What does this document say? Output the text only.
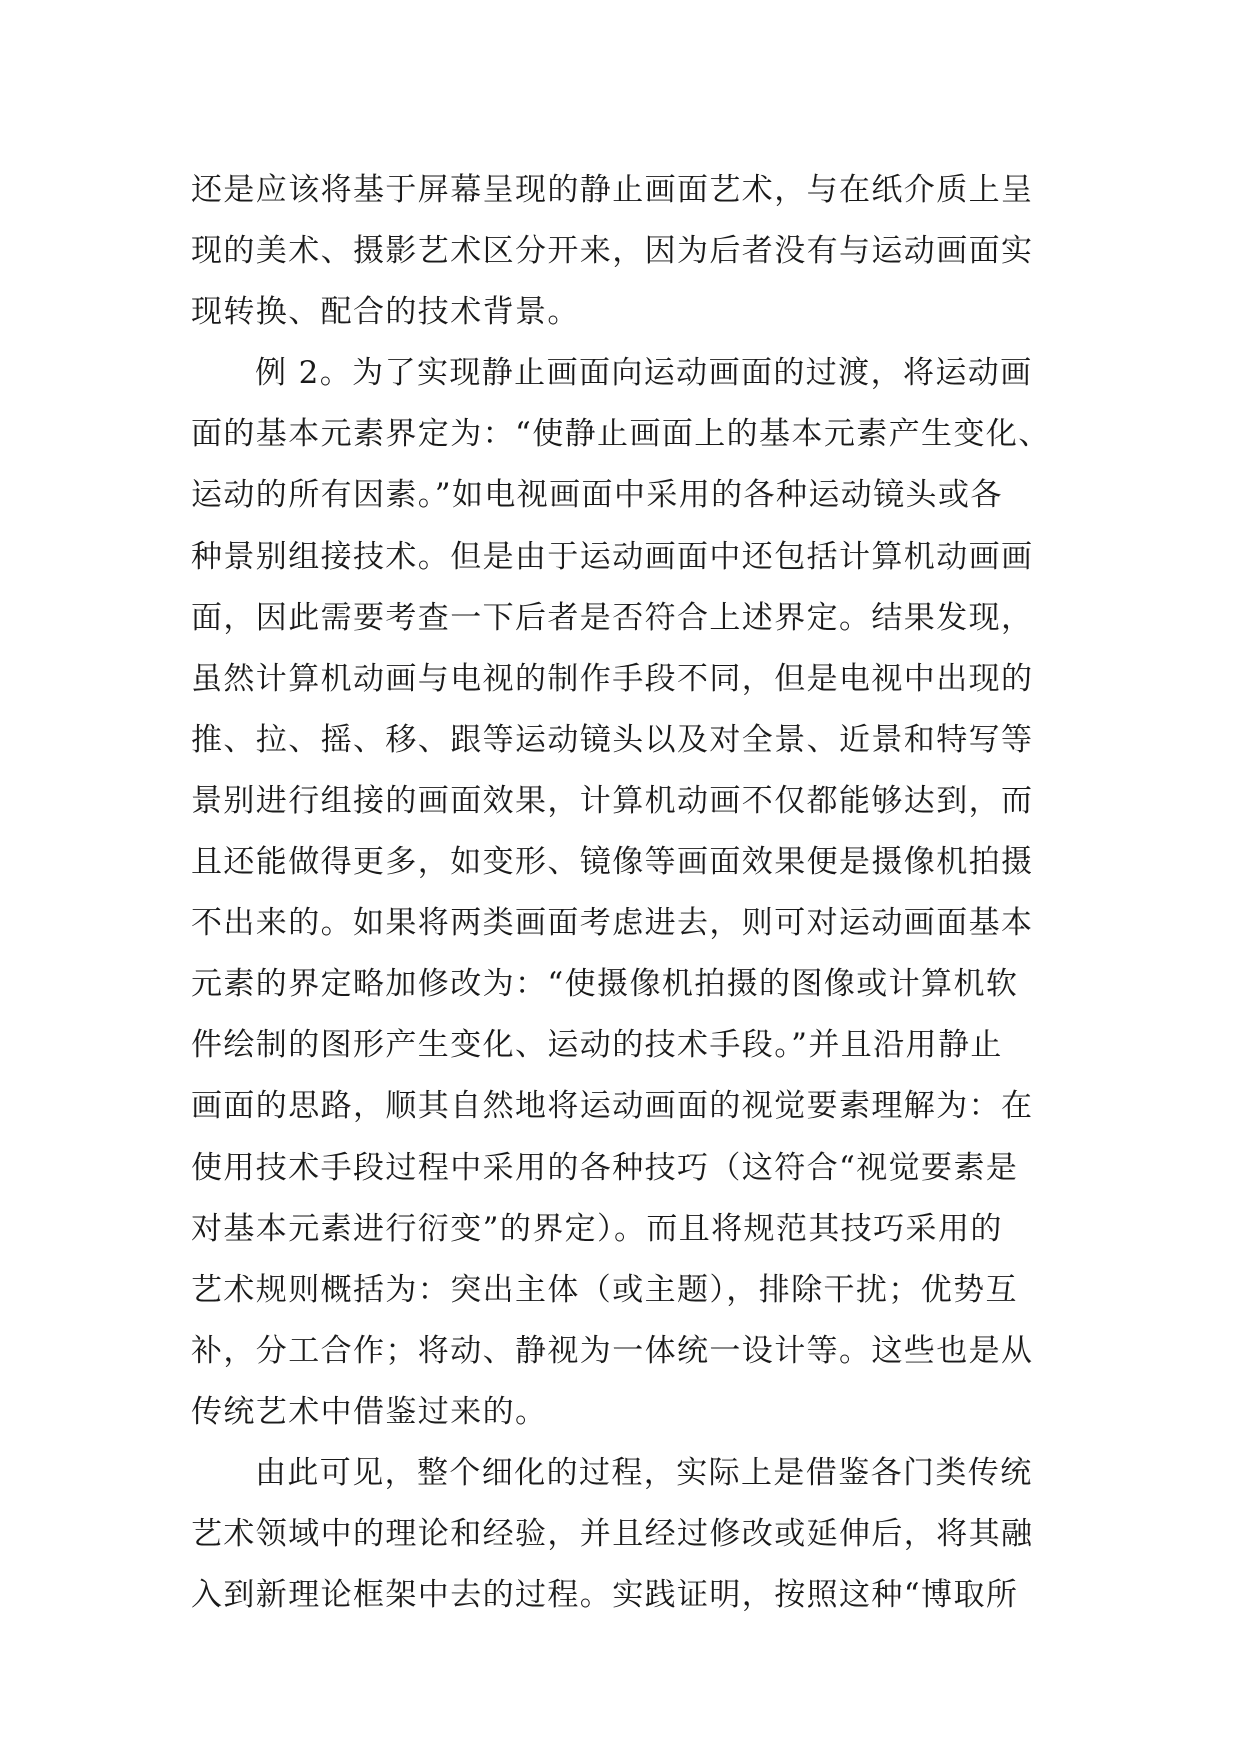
还是应该将基于屏幕呈现的静止画面艺术，与在纸介质上呈
现的美术、摄影艺术区分开来，因为后者没有与运动画面实
现转换、配合的技术背景。
例 2。为了实现静止画面向运动画面的过渡，将运动画
面的基本元素界定为：“使静止画面上的基本元素产生变化、
运动的所有因素。”如电视画面中采用的各种运动镜头或各
种景别组接技术。但是由于运动画面中还包括计算机动画画
面，因此需要考查一下后者是否符合上述界定。结果发现，
虽然计算机动画与电视的制作手段不同，但是电视中出现的
推、拉、摇、移、跟等运动镜头以及对全景、近景和特写等
景别进行组接的画面效果，计算机动画不仅都能够达到，而
且还能做得更多，如变形、镜像等画面效果便是摄像机拍摄
不出来的。如果将两类画面考虑进去，则可对运动画面基本
元素的界定略加修改为：“使摄像机拍摄的图像或计算机软
件绘制的图形产生变化、运动的技术手段。”并且沿用静止
画面的思路，顺其自然地将运动画面的视觉要素理解为：在
使用技术手段过程中采用的各种技巧（这符合“视觉要素是
对基本元素进行衍变”的界定）。而且将规范其技巧采用的
艺术规则概括为：突出主体（或主题），排除干扰；优势互
补，分工合作；将动、静视为一体统一设计等。这些也是从
传统艺术中借鉴过来的。
由此可见，整个细化的过程，实际上是借鉴各门类传统
艺术领域中的理论和经验，并且经过修改或延伸后，将其融
入到新理论框架中去的过程。实践证明，按照这种“博取所
